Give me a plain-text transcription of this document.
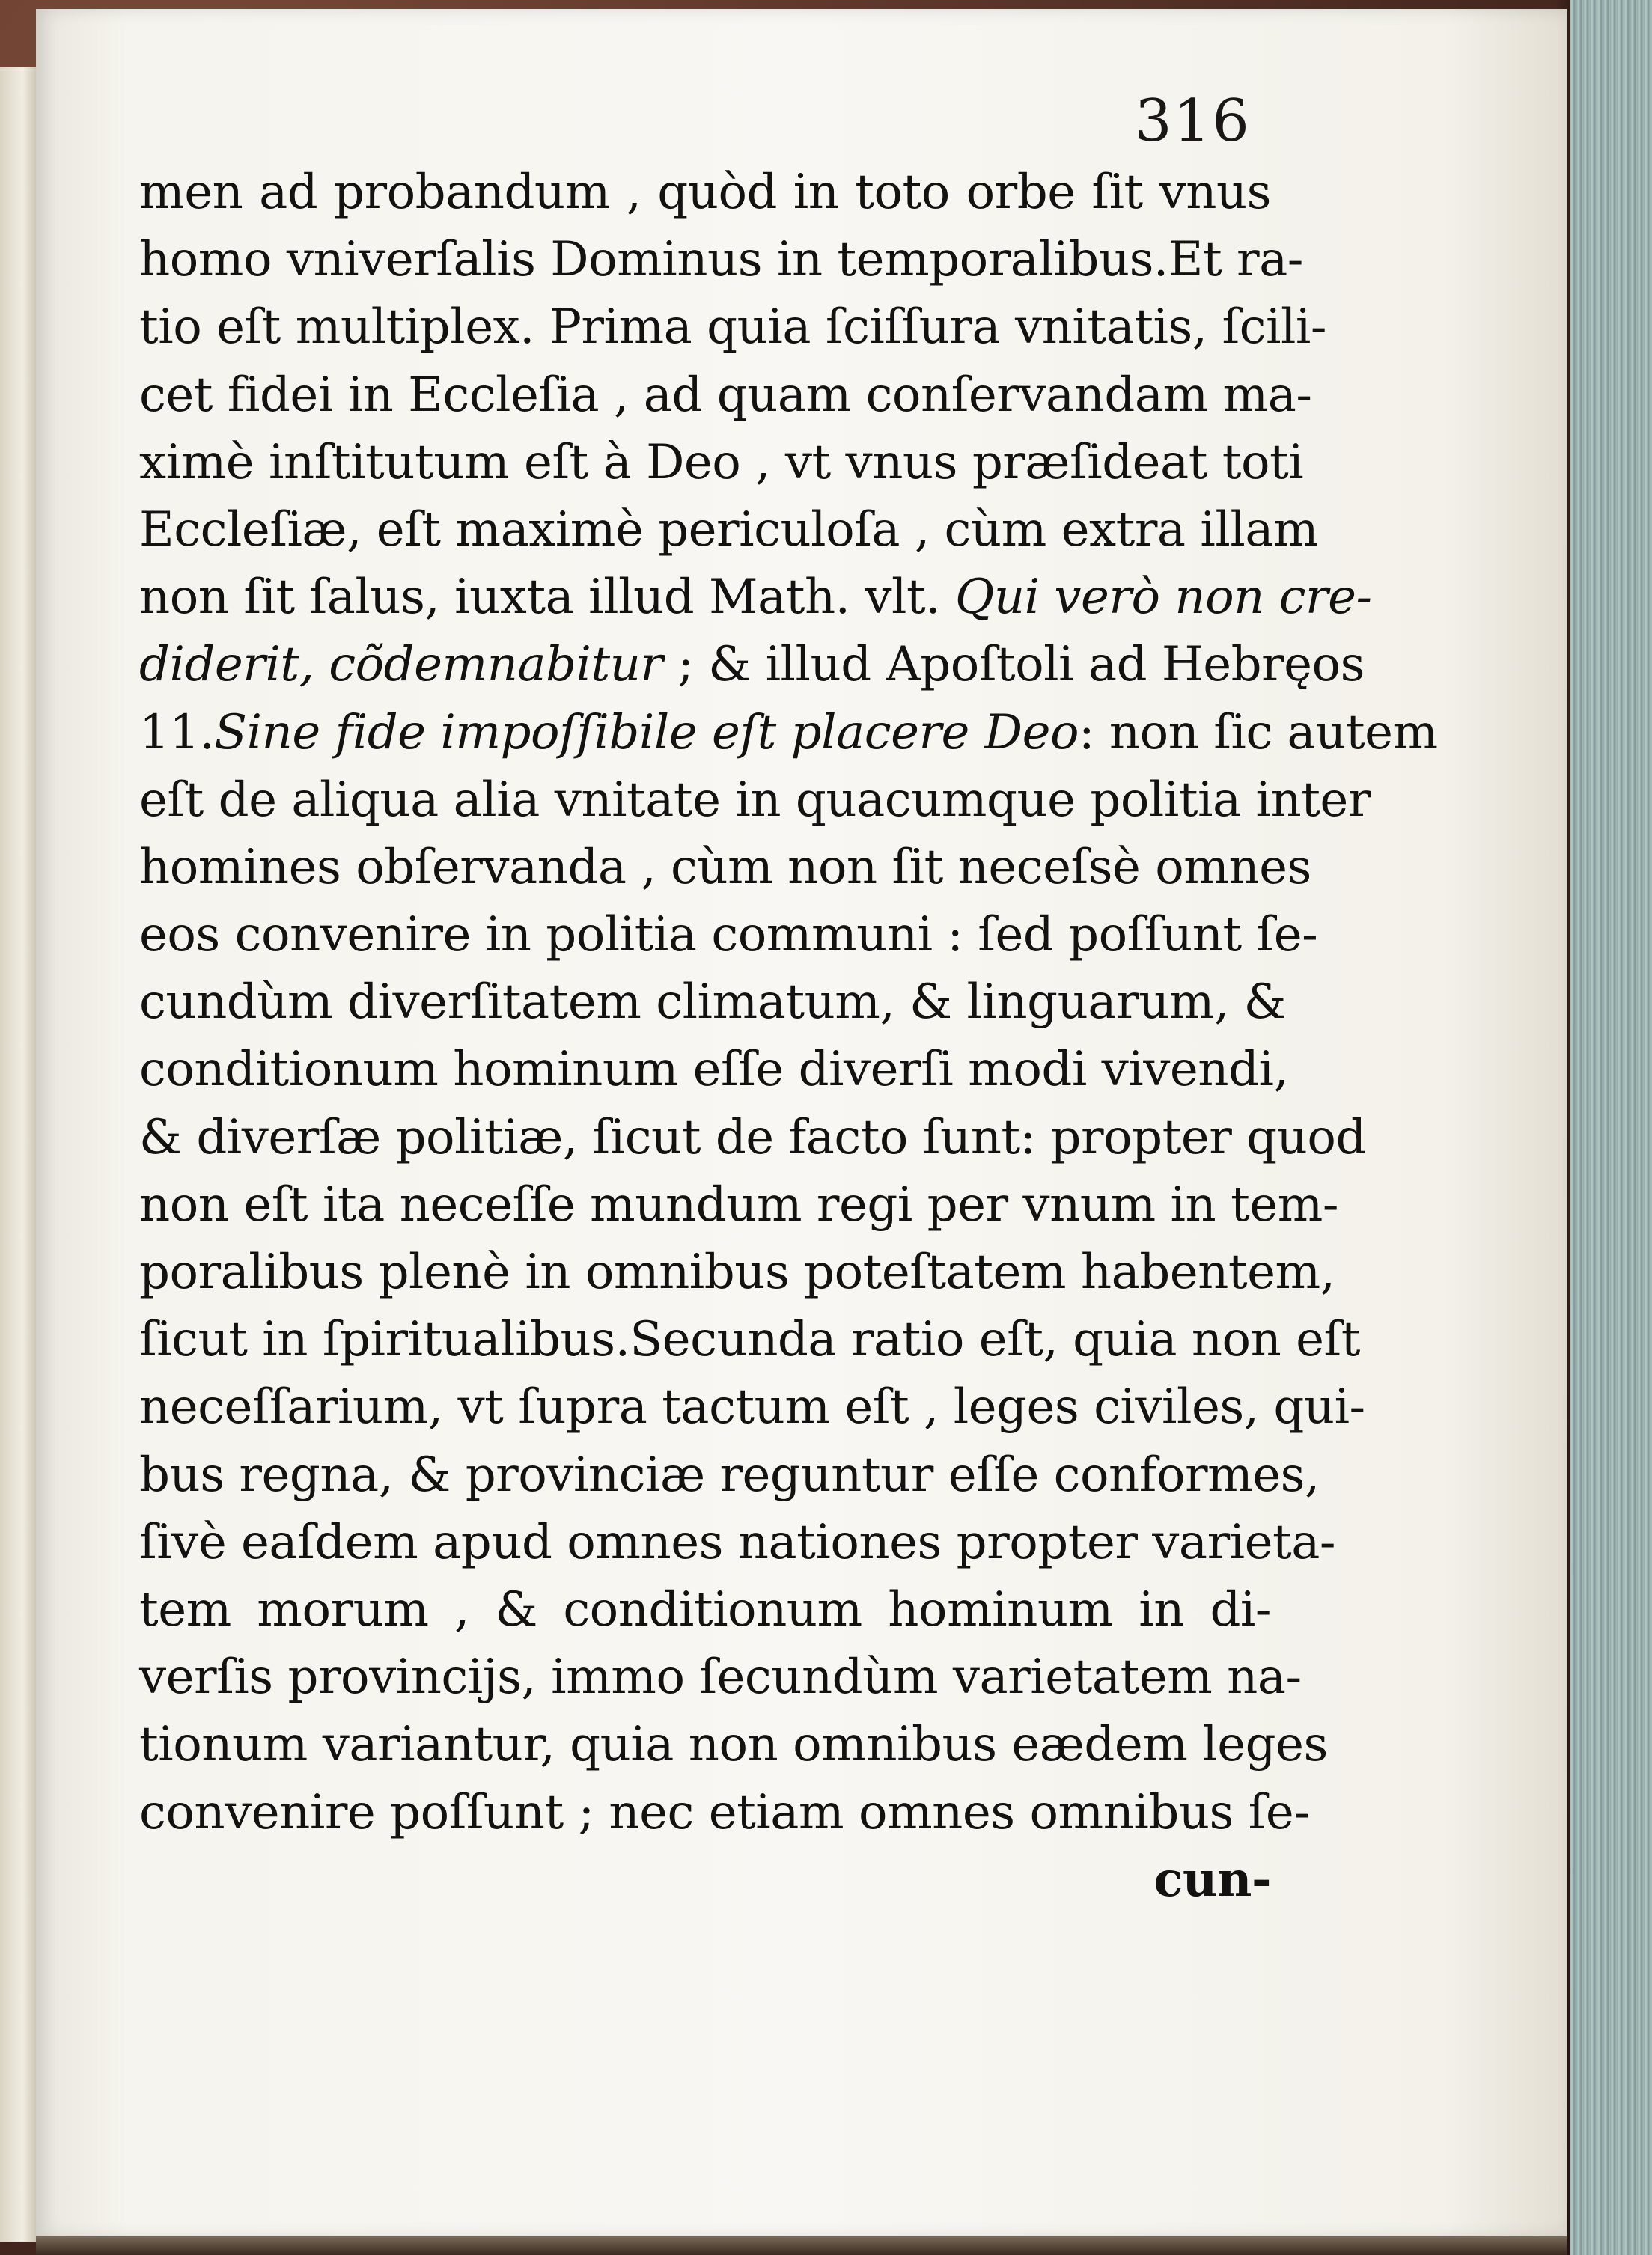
316
men ad probandum , quòd in toto orbe ſit vnus
homo vniverſalis Dominus in temporalibus.Et ra-
tio eſt multiplex. Prima quia ſciſſura vnitatis, ſcili-
cet fidei in Eccleſia , ad quam conſervandam ma-
ximè inſtitutum eſt à Deo , vt vnus præſideat toti
Eccleſiæ, eſt maximè periculoſa , cùm extra illam
non ſit ſalus, iuxta illud Math. vlt. Qui verò non cre-
diderit, cõdemnabitur ; & illud Apoſtoli ad Hebręos
11.Sine fide impoſſibile eſt placere Deo: non ſic autem
eſt de aliqua alia vnitate in quacumque politia inter
homines obſervanda , cùm non ſit neceſsè omnes
eos convenire in politia communi : ſed poſſunt ſe-
cundùm diverſitatem climatum, & linguarum, &
conditionum hominum eſſe diverſi modi vivendi,
& diverſæ politiæ, ſicut de facto ſunt: propter quod
non eſt ita neceſſe mundum regi per vnum in tem-
poralibus plenè in omnibus poteſtatem habentem,
ſicut in ſpiritualibus.Secunda ratio eſt, quia non eſt
neceſſarium, vt ſupra tactum eſt , leges civiles, qui-
bus regna, & provinciæ reguntur eſſe conformes,
ſivè eaſdem apud omnes nationes propter varieta-
tem morum , & conditionum hominum in di-
verſis provincijs, immo ſecundùm varietatem na-
tionum variantur, quia non omnibus eædem leges
convenire poſſunt ; nec etiam omnes omnibus ſe-
cun-
